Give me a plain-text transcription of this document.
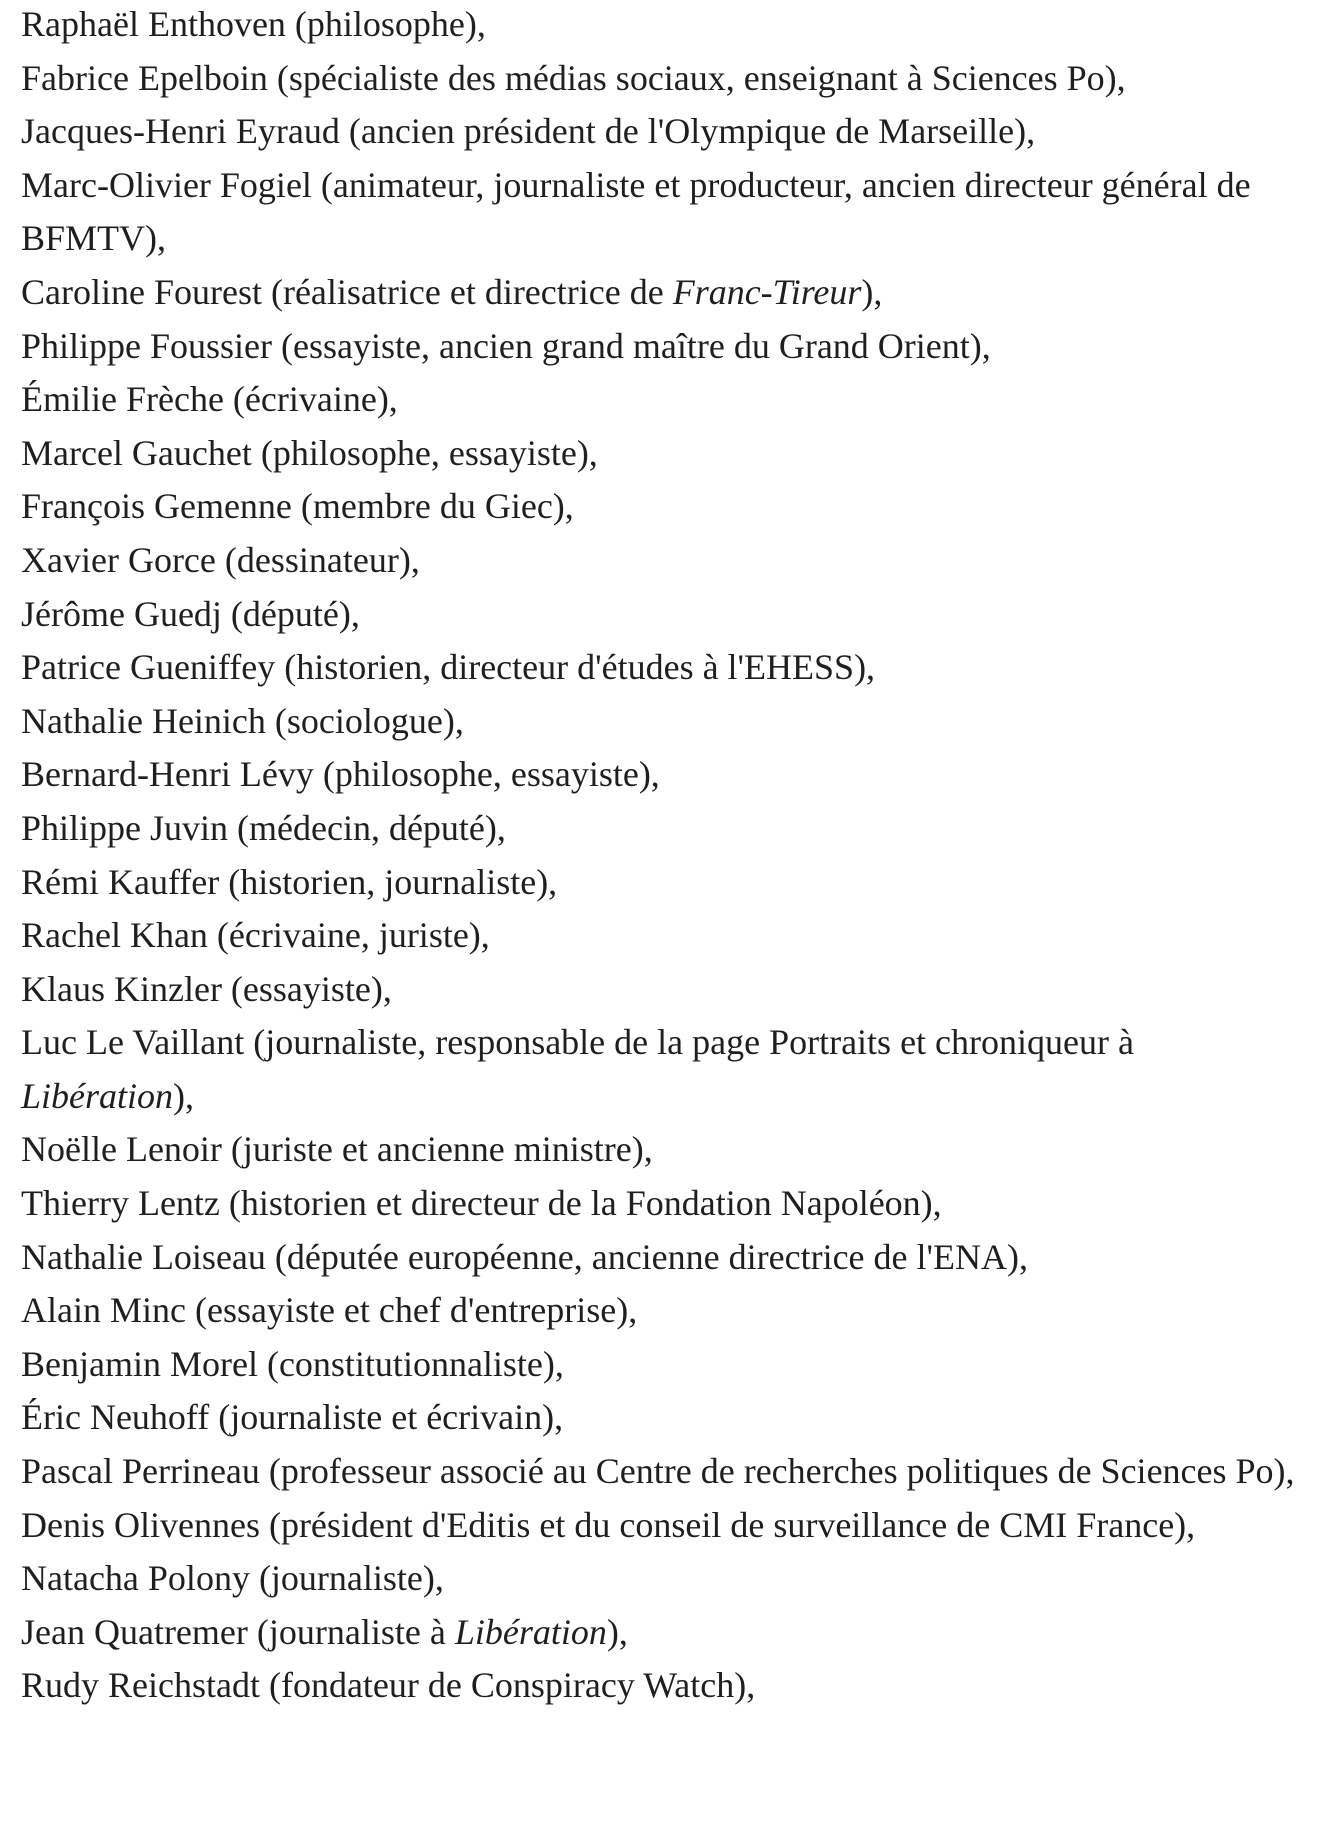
Raphaël Enthoven (philosophe),
Fabrice Epelboin (spécialiste des médias sociaux, enseignant à Sciences Po),
Jacques-Henri Eyraud (ancien président de l'Olympique de Marseille),
Marc-Olivier Fogiel (animateur, journaliste et producteur, ancien directeur général de BFMTV),
Caroline Fourest (réalisatrice et directrice de Franc-Tireur),
Philippe Foussier (essayiste, ancien grand maître du Grand Orient),
Émilie Frèche (écrivaine),
Marcel Gauchet (philosophe, essayiste),
François Gemenne (membre du Giec),
Xavier Gorce (dessinateur),
Jérôme Guedj (député),
Patrice Gueniffey (historien, directeur d'études à l'EHESS),
Nathalie Heinich (sociologue),
Bernard-Henri Lévy (philosophe, essayiste),
Philippe Juvin (médecin, député),
Rémi Kauffer (historien, journaliste),
Rachel Khan (écrivaine, juriste),
Klaus Kinzler (essayiste),
Luc Le Vaillant (journaliste, responsable de la page Portraits et chroniqueur à Libération),
Noëlle Lenoir (juriste et ancienne ministre),
Thierry Lentz (historien et directeur de la Fondation Napoléon),
Nathalie Loiseau (députée européenne, ancienne directrice de l'ENA),
Alain Minc (essayiste et chef d'entreprise),
Benjamin Morel (constitutionnaliste),
Éric Neuhoff (journaliste et écrivain),
Pascal Perrineau (professeur associé au Centre de recherches politiques de Sciences Po),
Denis Olivennes (président d'Editis et du conseil de surveillance de CMI France),
Natacha Polony (journaliste),
Jean Quatremer (journaliste à Libération),
Rudy Reichstadt (fondateur de Conspiracy Watch),
